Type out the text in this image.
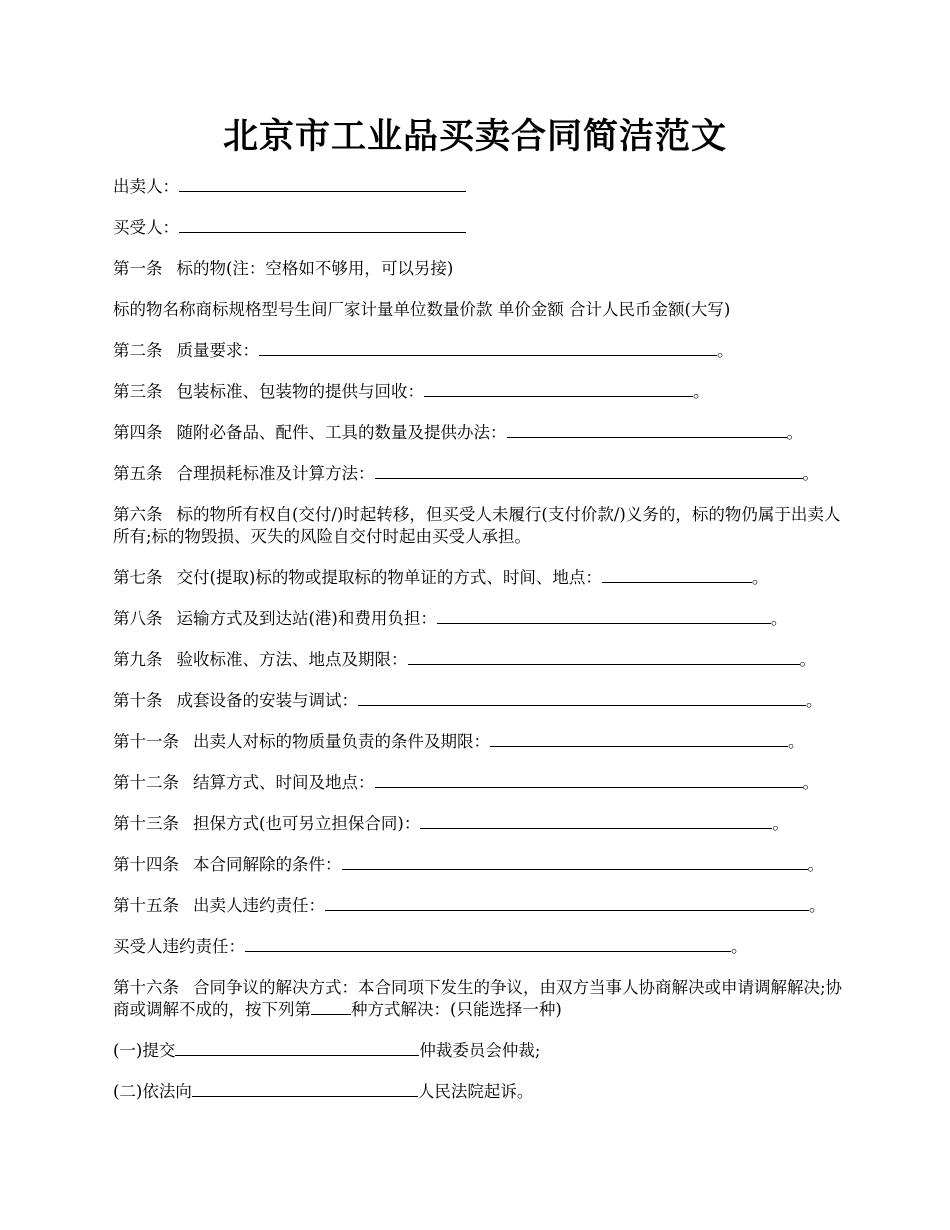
北京市工业品买卖合同简洁范文

出卖人：

买受人：

第一条 标的物(注：空格如不够用，可以另接)

标的物名称商标规格型号生间厂家计量单位数量价款 单价金额 合计人民币金额(大写)

第二条 质量要求：	。

第三条 包装标准、包装物的提供与回收：	。

第四条 随附必备品、配件、工具的数量及提供办法：	。

第五条 合理损耗标准及计算方法：	。

第六条 标的物所有权自(交付/)时起转移，但买受人未履行(支付价款/)义务的，标的物仍属于出卖人所有;标的物毁损、灭失的风险自交付时起由买受人承担。

第七条 交付(提取)标的物或提取标的物单证的方式、时间、地点：	。

第八条 运输方式及到达站(港)和费用负担：	。

第九条 验收标准、方法、地点及期限：	。

第十条 成套设备的安装与调试：	。

第十一条 出卖人对标的物质量负责的条件及期限：	。

第十二条 结算方式、时间及地点：	。

第十三条 担保方式(也可另立担保合同)：	。

第十四条 本合同解除的条件：	。

第十五条 出卖人违约责任：	。

买受人违约责任：	。

第十六条 合同争议的解决方式：本合同项下发生的争议，由双方当事人协商解决或申请调解解决;协商或调解不成的，按下列第 种方式解决：(只能选择一种)

(一)提交	仲裁委员会仲裁;

(二)依法向	人民法院起诉。
